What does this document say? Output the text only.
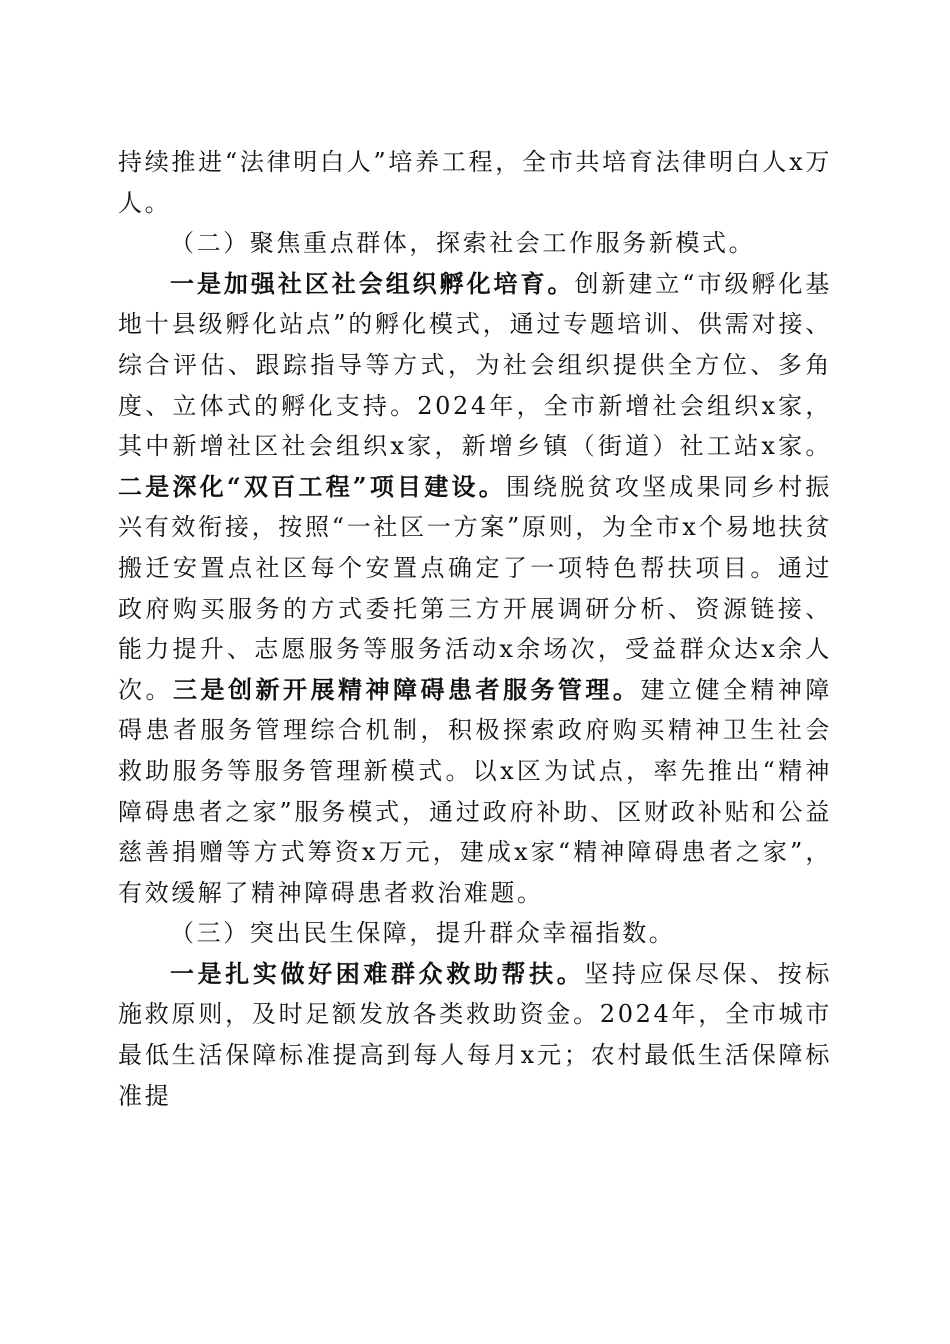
持续推进“法律明白人”培养工程，全市共培育法律明白人x万人。

（二）聚焦重点群体，探索社会工作服务新模式。

一是加强社区社会组织孵化培育。创新建立“市级孵化基地十县级孵化站点”的孵化模式，通过专题培训、供需对接、综合评估、跟踪指导等方式，为社会组织提供全方位、多角度、立体式的孵化支持。2024年，全市新增社会组织x家，其中新增社区社会组织x家，新增乡镇（街道）社工站x家。二是深化“双百工程”项目建设。围绕脱贫攻坚成果同乡村振兴有效衔接，按照“一社区一方案”原则，为全市x个易地扶贫搬迁安置点社区每个安置点确定了一项特色帮扶项目。通过政府购买服务的方式委托第三方开展调研分析、资源链接、能力提升、志愿服务等服务活动x余场次，受益群众达x余人次。三是创新开展精神障碍患者服务管理。建立健全精神障碍患者服务管理综合机制，积极探索政府购买精神卫生社会救助服务等服务管理新模式。以x区为试点，率先推出“精神障碍患者之家”服务模式，通过政府补助、区财政补贴和公益慈善捐赠等方式筹资x万元，建成x家“精神障碍患者之家”，有效缓解了精神障碍患者救治难题。

（三）突出民生保障，提升群众幸福指数。

一是扎实做好困难群众救助帮扶。坚持应保尽保、按标施救原则，及时足额发放各类救助资金。2024年，全市城市最低生活保障标准提高到每人每月x元；农村最低生活保障标准提
